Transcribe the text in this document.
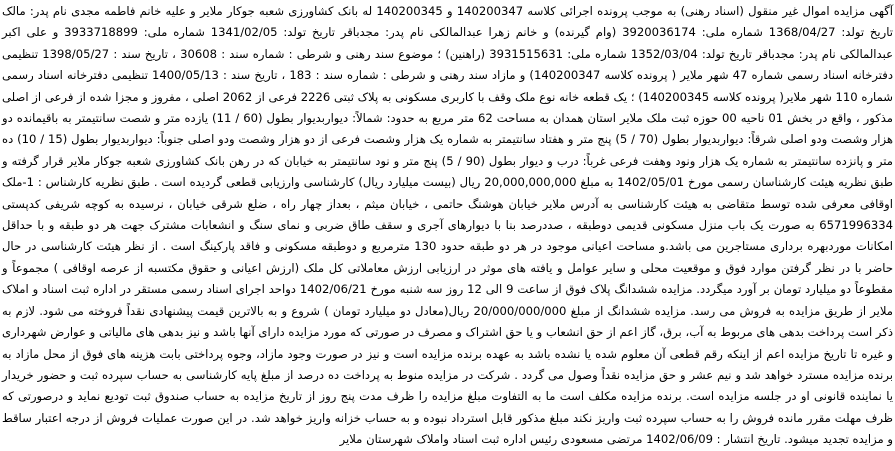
آگهی مزایده اموال غیر منقول (اسناد رهنی) به موجب پرونده اجرائی کلاسه 140200347 و 140200345 له بانک کشاورزی شعبه جوکار ملایر و علیه خانم فاطمه مجدی نام پدر: مالک تاریخ تولد: 1368/04/27 شماره ملی: 3920036174 (وام گیرنده) و خانم زهرا عبدالمالکی نام پدر: مجدباقر تاریخ تولد: 1341/02/05 شماره ملی: 3933718899 و علی اکبر عبدالمالکی نام پدر: مجدباقر تاریخ تولد: 1352/03/04 شماره ملی: 3931515631 (راهنین) ؛ موضوع سند رهنی و شرطی : شماره سند : 30608 ، تاریخ سند : 1398/05/27 تنظیمی دفترخانه اسناد رسمی شماره 47 شهر ملایر ( پرونده کلاسه 140200347) و مازاد سند رهنی و شرطی : شماره سند : 183 ، تاریخ سند : 1400/05/13 تنظیمی دفترخانه اسناد رسمی شماره 110 شهر ملایر( پرونده کلاسه 140200345) ؛ یک قطعه خانه نوع ملک وقف با کاربری مسکونی به پلاک ثبتی 2226 فرعی از 2062 اصلی ، مفروز و مجزا شده از فرعی از اصلی مذکور ، واقع در بخش 01 ناحیه 00 حوزه ثبت ملک ملایر استان همدان به مساحت 62 متر مربع به حدود: شمالاً: دیواربدیوار بطول (60 / 11) یازده متر و شصت سانتیمتر به باقیمانده دو هزار وشصت ودو اصلی شرقاً: دیواربدیوار بطول (70 / 5) پنج متر و هفتاد سانتیمتر به شماره یک هزار وشصت فرعی از دو هزار وشصت ودو اصلی جنوباً: دیواربدیوار بطول (15 / 10) ده متر و پانزده سانتیمتر به شماره یک هزار ونود وهفت فرعی غرباً: درب و دیوار بطول (90 / 5) پنج متر و نود سانتیمتر به خیابان که در رهن بانک کشاورزی شعبه جوکار ملایر قرار گرفته و طبق نظریه هیئت کارشناسان رسمی مورخ 1402/05/01 به مبلغ 20,000,000,000 ریال (بیست میلیارد ریال) کارشناسی وارزیابی قطعی گردیده است . طبق نظریه کارشناس : 1-ملک اوقافی معرفی شده توسط متقاضی به هیئت کارشناسی به آدرس ملایر خیابان هوشنگ حاتمی ، خیابان میثم ، بعداز چهار راه ، ضلع شرقی خیابان ، نرسیده به کوچه شریفی کدپستی 6571996334 به صورت یک باب منزل مسکونی قدیمی دوطبقه ، صددرصد بنا با دیوارهای آجری و سقف طاق ضربی و نمای سنگ و انشعابات مشترک جهت هر دو طبقه و با حداقل امکانات موردبهره برداری مستاجرین می باشد.و مساحت اعیانی موجود در هر دو طبقه حدود 130 مترمربع و دوطبقه مسکونی و فاقد پارکینگ است . از نظر هیئت کارشناسی در حال حاضر با در نظر گرفتن موارد فوق و موقعیت محلی و سایر عوامل و یافته های موثر در ارزیابی ارزش معاملاتی کل ملک (ارزش اعیانی و حقوق مکتسبه از عرصه اوقافی ) مجموعاً و مقطوعاً دو میلیارد تومان بر آورد میگردد. مزایده ششدانگ پلاک فوق از ساعت 9 الی 12 روز سه شنبه مورخ 1402/06/21 دواحد اجرای اسناد رسمی مستقر در اداره ثبت اسناد و املاک ملایر از طریق مزایده به فروش می رسد. مزایده ششدانگ از مبلغ 20/000/000/000 ریال(معادل دو میلیارد تومان ) شروع و به بالاترین قیمت پیشنهادی نقداً فروخته می شود. لازم به ذکر است پرداخت بدهی های مربوط به آب، برق، گاز اعم از حق انشعاب و یا حق اشتراک و مصرف در صورتی که مورد مزایده دارای آنها باشد و نیز بدهی های مالیاتی و عوارض شهرداری و غیره تا تاریخ مزایده اعم از اینکه رقم قطعی آن معلوم شده یا نشده باشد به عهده برنده مزایده است و نیز در صورت وجود مازاد، وجوه پرداختی بابت هزینه های فوق از محل مازاد به برنده مزایده مسترد خواهد شد و نیم عشر و حق مزایده نقداً وصول می گردد . شرکت در مزایده منوط به پرداخت ده درصد از مبلغ پایه کارشناسی به حساب سپرده ثبت و حضور خریدار یا نماینده قانونی او در جلسه مزایده است. برنده مزایده مکلف است ما به التفاوت مبلغ مزایده را ظرف مدت پنج روز از تاریخ مزایده به حساب صندوق ثبت تودیع نماید و درصورتی که ظرف مهلت مقرر مانده فروش را به حساب سپرده ثبت واریز نکند مبلغ مذکور قابل استرداد نبوده و به حساب خزانه واریز خواهد شد. در این صورت عملیات فروش از درجه اعتبار ساقط و مزایده تجدید میشود. تاریخ انتشار : 1402/06/09 مرتضی مسعودی رئیس اداره ثبت اسناد واملاک شهرستان ملایر
